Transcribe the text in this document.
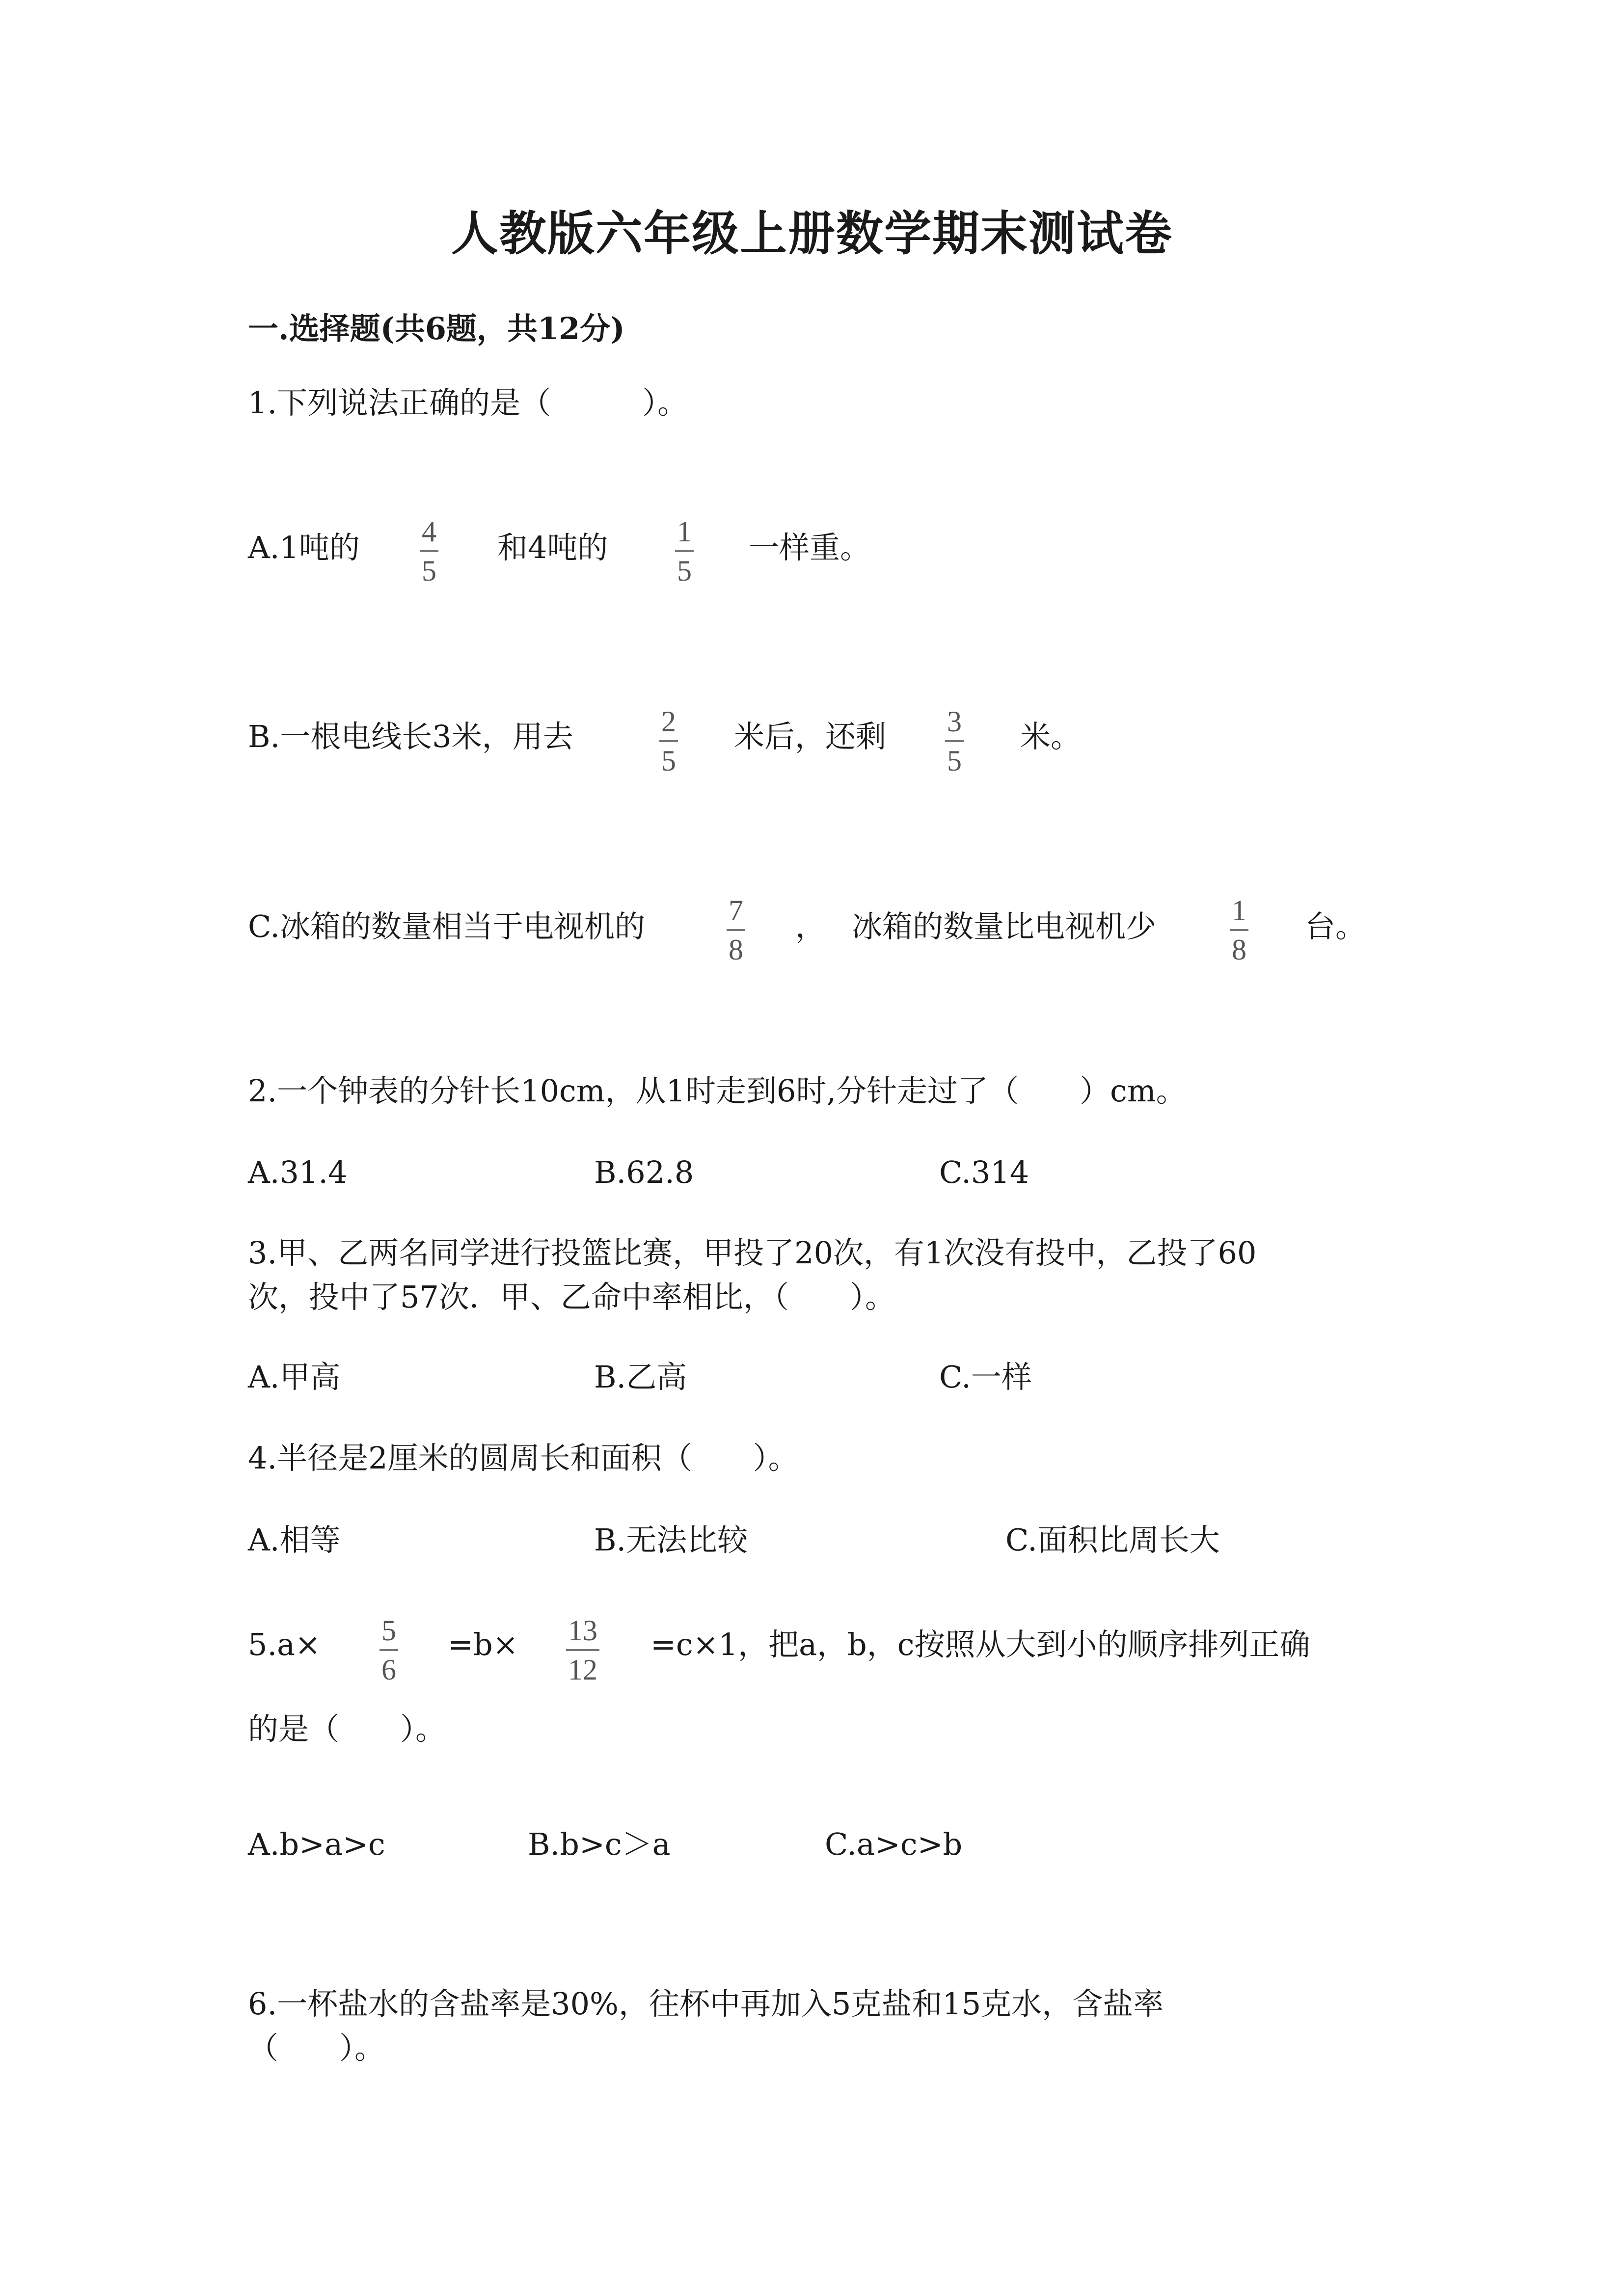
人教版六年级上册数学期末测试卷
一.选择题(共6题，共12分)
1.下列说法正确的是（　　　）。
A.1吨的 4
5
和4吨的 1
5
一样重。
B.一根电线长3米，用去	2
5
米后，还剩 3
5
米。
C.冰箱的数量相当于电视机的	7
8
， 冰箱的数量比电视机少	1
8
台。
2.一个钟表的分针长10cm，从1时走到6时,分针走过了（　　）cm。
A.31.4	B.62.8	C.314
3.甲、乙两名同学进行投篮比赛，甲投了20次，有1次没有投中，乙投了60
次，投中了57次．甲、乙命中率相比，（　　）。
A.甲高	B.乙高	C.一样
4.半径是2厘米的圆周长和面积（　　）。
A.相等	B.无法比较	C.面积比周长大
5.a× 5
6
=b× 13
12
=c×1，把a，b，c按照从大到小的顺序排列正确
的是（　　）。
A.b>a>c	B.b>c＞a	C.a>c>b
6.一杯盐水的含盐率是30%，往杯中再加入5克盐和15克水，含盐率
（　　）。
